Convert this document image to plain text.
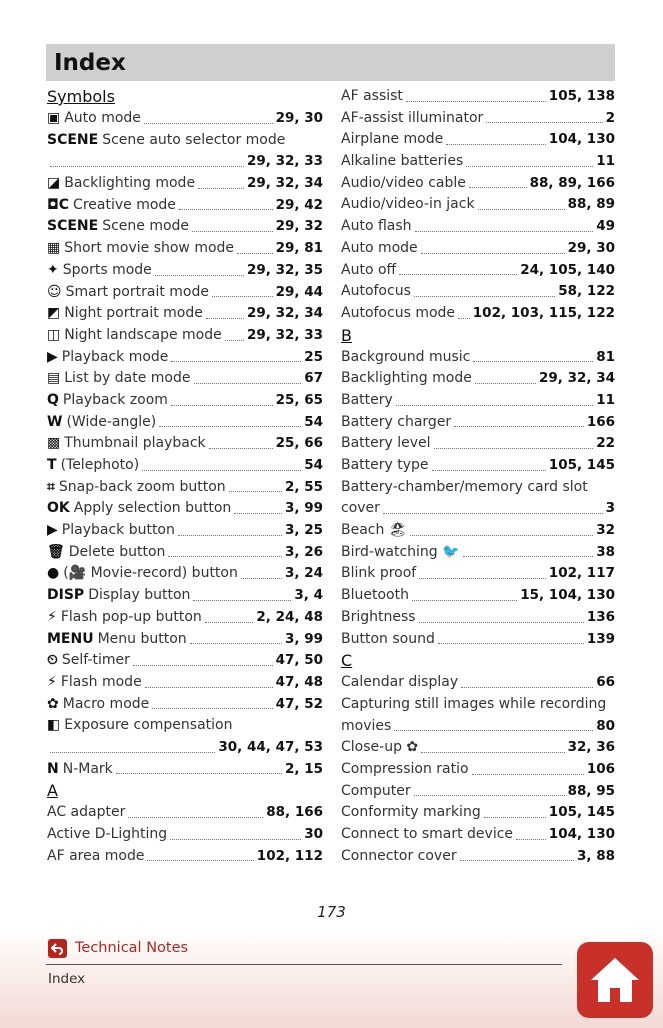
Index
Symbols
▣ Auto mode	29, 30
SCENE Scene auto selector mode
29, 32, 33
◪ Backlighting mode	29, 32, 34
◘C Creative mode	29, 42
SCENE Scene mode	29, 32
▦ Short movie show mode	29, 81
✦ Sports mode	29, 32, 35
☺ Smart portrait mode	29, 44
◩ Night portrait mode	29, 32, 34
◫ Night landscape mode 29, 32, 33
▶ Playback mode	25
▤ List by date mode	67
Q Playback zoom	25, 65
W (Wide-angle)	54
▩ Thumbnail playback	25, 66
T (Telephoto)	54
⌗ Snap-back zoom button	2, 55
OK Apply selection button	3, 99
▶ Playback button	3, 25
🗑 Delete button	3, 26
● (🎥 Movie-record) button	3, 24
DISP Display button	3, 4
⚡ Flash pop-up button	2, 24, 48
MENU Menu button	3, 99
⏲ Self-timer	47, 50
⚡ Flash mode	47, 48
✿ Macro mode	47, 52
◧ Exposure compensation
30, 44, 47, 53
N N-Mark	2, 15
A
AC adapter	88, 166
Active D-Lighting	30
AF area mode	102, 112
AF assist	105, 138
AF-assist illuminator	2
Airplane mode	104, 130
Alkaline batteries	11
Audio/video cable	88, 89, 166
Audio/video-in jack	88, 89
Auto flash	49
Auto mode	29, 30
Auto off	24, 105, 140
Autofocus	58, 122
Autofocus mode 102, 103, 115, 122
B
Background music	81
Backlighting mode	29, 32, 34
Battery	11
Battery charger	166
Battery level	22
Battery type	105, 145
Battery-chamber/memory card slot
cover	3
Beach 🏖	32
Bird-watching 🐦	38
Blink proof	102, 117
Bluetooth	15, 104, 130
Brightness	136
Button sound	139
C
Calendar display	66
Capturing still images while recording
movies	80
Close-up ✿	32, 36
Compression ratio	106
Computer	88, 95
Conformity marking	105, 145
Connect to smart device	104, 130
Connector cover	3, 88
173
Technical Notes
Index
